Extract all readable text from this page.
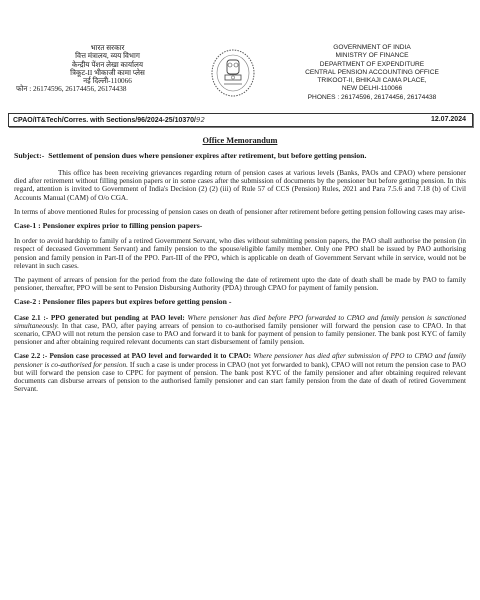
भारत सरकार
वित्त मंत्रालय, व्यय विभाग
केन्द्रीय पेंशन लेखा कार्यालय
त्रिकूट-II भीकाजी कामा प्लेस
नई दिल्ली-110066
फोन : 26174596, 26174456, 26174438
GOVERNMENT OF INDIA
MINISTRY OF FINANCE
DEPARTMENT OF EXPENDITURE
CENTRAL PENSION ACCOUNTING OFFICE
TRIKOOT-II, BHIKAJI CAMA PLACE,
NEW DELHI-110066
PHONES : 26174596, 26174456, 26174438
CPAO/IT&Tech/Corres. with Sections/96/2024-25/10370/92	12.07.2024
Office Memorandum

Subject:- Settlement of pension dues where pensioner expires after retirement, but before getting pension.

This office has been receiving grievances regarding return of pension cases at various levels (Banks, PAOs and CPAO) where pensioner died after retirement without filling pension papers or in some cases after the submission of documents by the pensioner but before getting pension. In this regard, attention is invited to Government of India's Decision (2) (2) (iii) of Rule 57 of CCS (Pension) Rules, 2021 and Para 7.5.6 and 7.18 (b) of Civil Accounts Manual (CAM) of O/o CGA.

In terms of above mentioned Rules for processing of pension cases on death of pensioner after retirement before getting pension following cases may arise-

Case-1 : Pensioner expires prior to filling pension papers-

In order to avoid hardship to family of a retired Government Servant, who dies without submitting pension papers, the PAO shall authorise the pension (in respect of deceased Government Servant) and family pension to the spouse/eligible family member. Only one PPO shall be issued by PAO authorising pension and family pension in Part-II of the PPO. Part-III of the PPO, which is applicable on death of Government Servant while in service, would not be relevant in such cases.

The payment of arrears of pension for the period from the date following the date of retirement upto the date of death shall be made by PAO to family pensioner, thereafter, PPO will be sent to Pension Disbursing Authority (PDA) through CPAO for payment of family pension.

Case-2 : Pensioner files papers but expires before getting pension -

Case 2.1 :- PPO generated but pending at PAO level: Where pensioner has died before PPO forwarded to CPAO and family pension is sanctioned simultaneously. In that case, PAO, after paying arrears of pension to co-authorised family pensioner will forward the pension case to CPAO. In that scenario, CPAO will not return the pension case to PAO and forward it to bank for payment of pension to family pensioner. The bank post KYC of family pensioner and after obtaining required relevant documents can start disbursement of family pension.

Case 2.2 :- Pension case processed at PAO level and forwarded it to CPAO: Where pensioner has died after submission of PPO to CPAO and family pensioner is co-authorised for pension. If such a case is under process in CPAO (not yet forwarded to bank), CPAO will not return the pension case to PAO but will forward the pension case to CPPC for payment of pension. The bank post KYC of the family pensioner and after obtaining required relevant documents can disburse arrears of pension to the authorised family pensioner and can start family pension from the date of death of retired Government Servant.
